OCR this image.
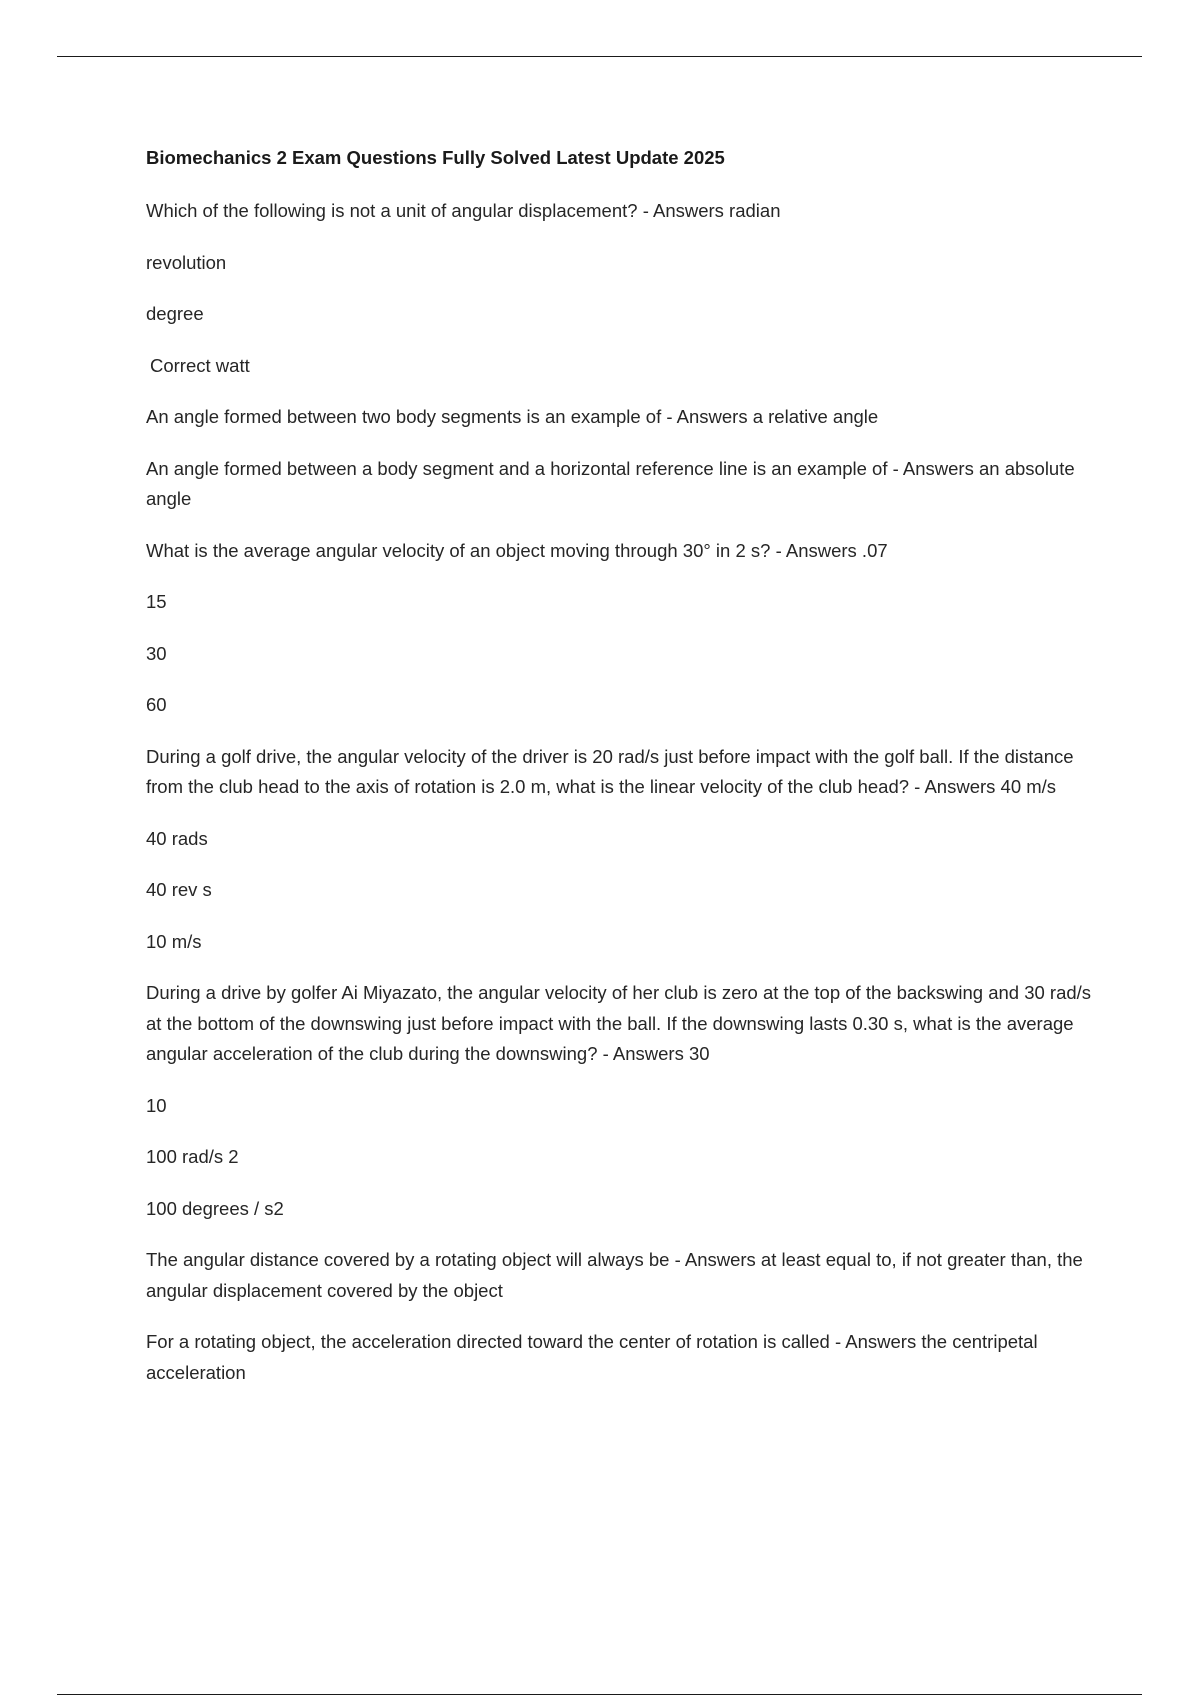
Biomechanics 2 Exam Questions Fully Solved Latest Update 2025
Which of the following is not a unit of angular displacement? - Answers radian
revolution
degree
Correct watt
An angle formed between two body segments is an example of - Answers a relative angle
An angle formed between a body segment and a horizontal reference line is an example of - Answers an absolute angle
What is the average angular velocity of an object moving through 30° in 2 s? - Answers .07
15
30
60
During a golf drive, the angular velocity of the driver is 20 rad/s just before impact with the golf ball. If the distance from the club head to the axis of rotation is 2.0 m, what is the linear velocity of the club head? - Answers 40 m/s
40 rads
40 rev s
10 m/s
During a drive by golfer Ai Miyazato, the angular velocity of her club is zero at the top of the backswing and 30 rad/s at the bottom of the downswing just before impact with the ball. If the downswing lasts 0.30 s, what is the average angular acceleration of the club during the downswing? - Answers 30
10
100 rad/s 2
100 degrees / s2
The angular distance covered by a rotating object will always be - Answers at least equal to, if not greater than, the angular displacement covered by the object
For a rotating object, the acceleration directed toward the center of rotation is called - Answers the centripetal acceleration
